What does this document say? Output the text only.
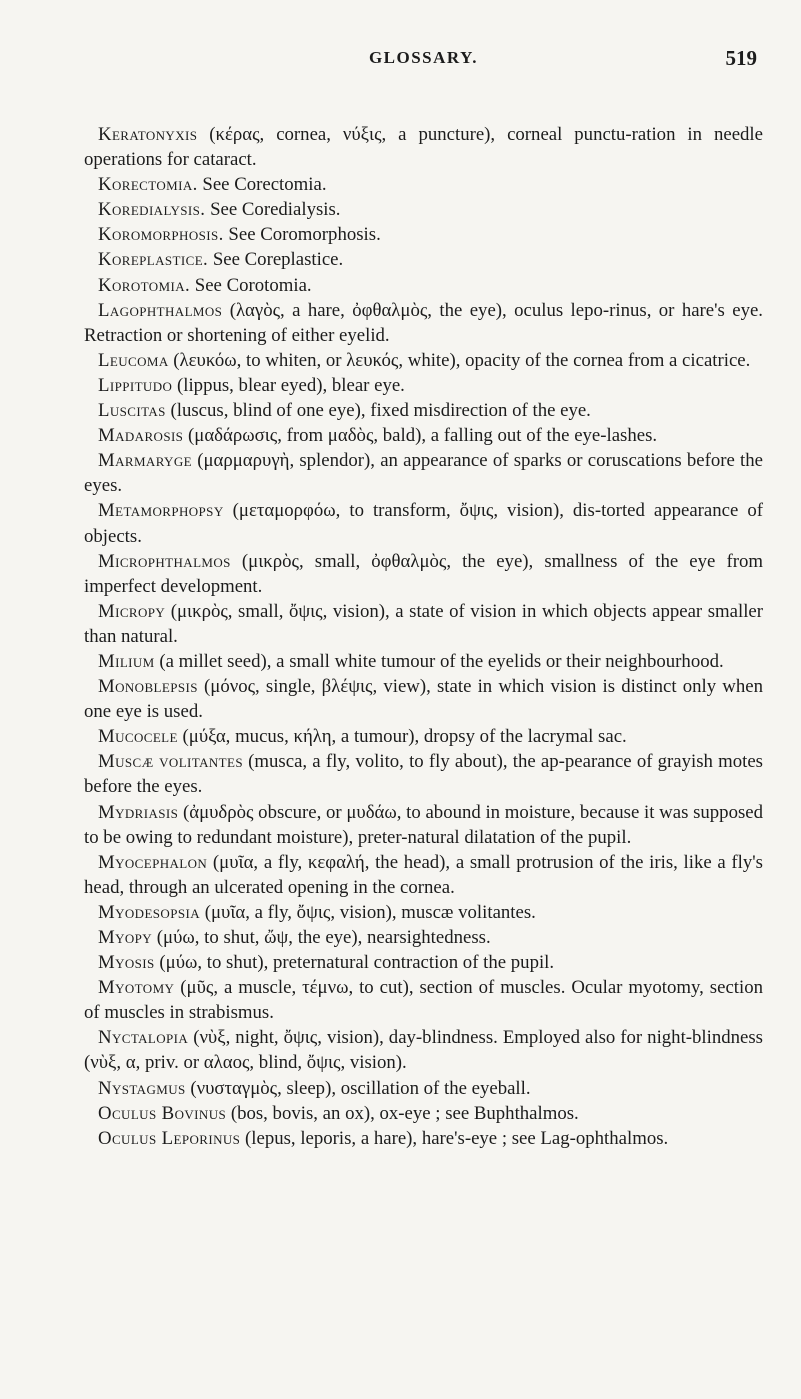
GLOSSARY.	519

Keratonyxis (κέρας, cornea, νύξις, a puncture), corneal punctu-ration in needle operations for cataract.

Korectomia. See Corectomia.

Koredialysis. See Coredialysis.

Koromorphosis. See Coromorphosis.

Koreplastice. See Coreplastice.

Korotomia. See Corotomia.

Lagophthalmos (λαγὸς, a hare, ὀφθαλμὸς, the eye), oculus lepo-rinus, or hare's eye. Retraction or shortening of either eyelid.

Leucoma (λευκόω, to whiten, or λευκός, white), opacity of the cornea from a cicatrice.

Lippitudo (lippus, blear eyed), blear eye.

Luscitas (luscus, blind of one eye), fixed misdirection of the eye.

Madarosis (μαδάρωσις, from μαδὸς, bald), a falling out of the eye-lashes.

Marmaryge (μαρμαρυγὴ, splendor), an appearance of sparks or coruscations before the eyes.

Metamorphopsy (μεταμορφόω, to transform, ὄψις, vision), dis-torted appearance of objects.

Microphthalmos (μικρὸς, small, ὀφθαλμὸς, the eye), smallness of the eye from imperfect development.

Micropy (μικρὸς, small, ὄψις, vision), a state of vision in which objects appear smaller than natural.

Milium (a millet seed), a small white tumour of the eyelids or their neighbourhood.

Monoblepsis (μόνος, single, βλέψις, view), state in which vision is distinct only when one eye is used.

Mucocele (μύξα, mucus, κήλη, a tumour), dropsy of the lacrymal sac.

Muscæ volitantes (musca, a fly, volito, to fly about), the ap-pearance of grayish motes before the eyes.

Mydriasis (ἀμυδρὸς obscure, or μυδάω, to abound in moisture, because it was supposed to be owing to redundant moisture), preter-natural dilatation of the pupil.

Myocephalon (μυῖα, a fly, κεφαλή, the head), a small protrusion of the iris, like a fly's head, through an ulcerated opening in the cornea.

Myodesopsia (μυῖα, a fly, ὄψις, vision), muscæ volitantes.

Myopy (μύω, to shut, ὤψ, the eye), nearsightedness.

Myosis (μύω, to shut), preternatural contraction of the pupil.

Myotomy (μῦς, a muscle, τέμνω, to cut), section of muscles. Ocular myotomy, section of muscles in strabismus.

Nyctalopia (νὺξ, night, ὄψις, vision), day-blindness. Employed also for night-blindness (νὺξ, α, priv. or αλαος, blind, ὄψις, vision).

Nystagmus (νυσταγμὸς, sleep), oscillation of the eyeball.

Oculus Bovinus (bos, bovis, an ox), ox-eye ; see Buphthalmos.

Oculus Leporinus (lepus, leporis, a hare), hare's-eye ; see Lag-ophthalmos.
